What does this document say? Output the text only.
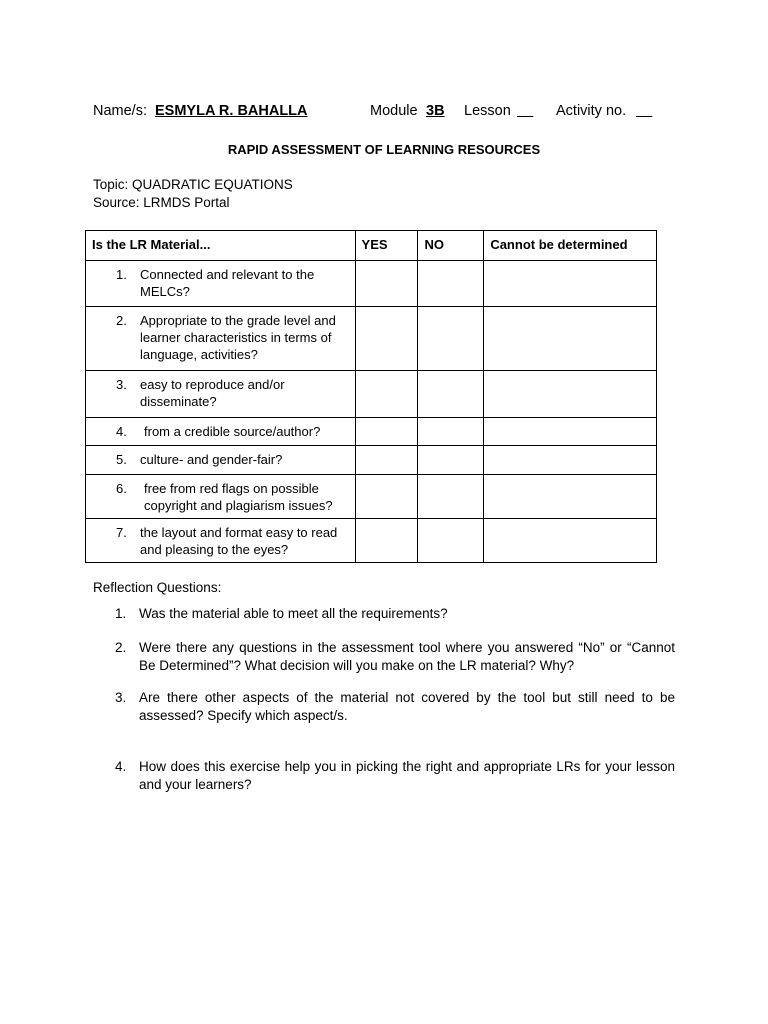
Name/s: ESMYLA R. BAHALLA	Module 3B Lesson __ Activity no. __
RAPID ASSESSMENT OF LEARNING RESOURCES
Topic: QUADRATIC EQUATIONS
Source: LRMDS Portal
Is the LR Material...	YES	NO	Cannot be determined

1. Connected and relevant to the MELCs?			

2. Appropriate to the grade level and learner characteristics in terms of language, activities?			

3. easy to reproduce and/or disseminate?			

4. from a credible source/author?			

5. culture- and gender-fair?			

6. free from red flags on possible copyright and plagiarism issues?			

7. the layout and format easy to read and pleasing to the eyes?			

Reflection Questions:
1. Was the material able to meet all the requirements?
2. Were there any questions in the assessment tool where you answered “No” or “Cannot Be Determined”? What decision will you make on the LR material? Why?
3. Are there other aspects of the material not covered by the tool but still need to be assessed? Specify which aspect/s.
4. How does this exercise help you in picking the right and appropriate LRs for your lesson and your learners?
